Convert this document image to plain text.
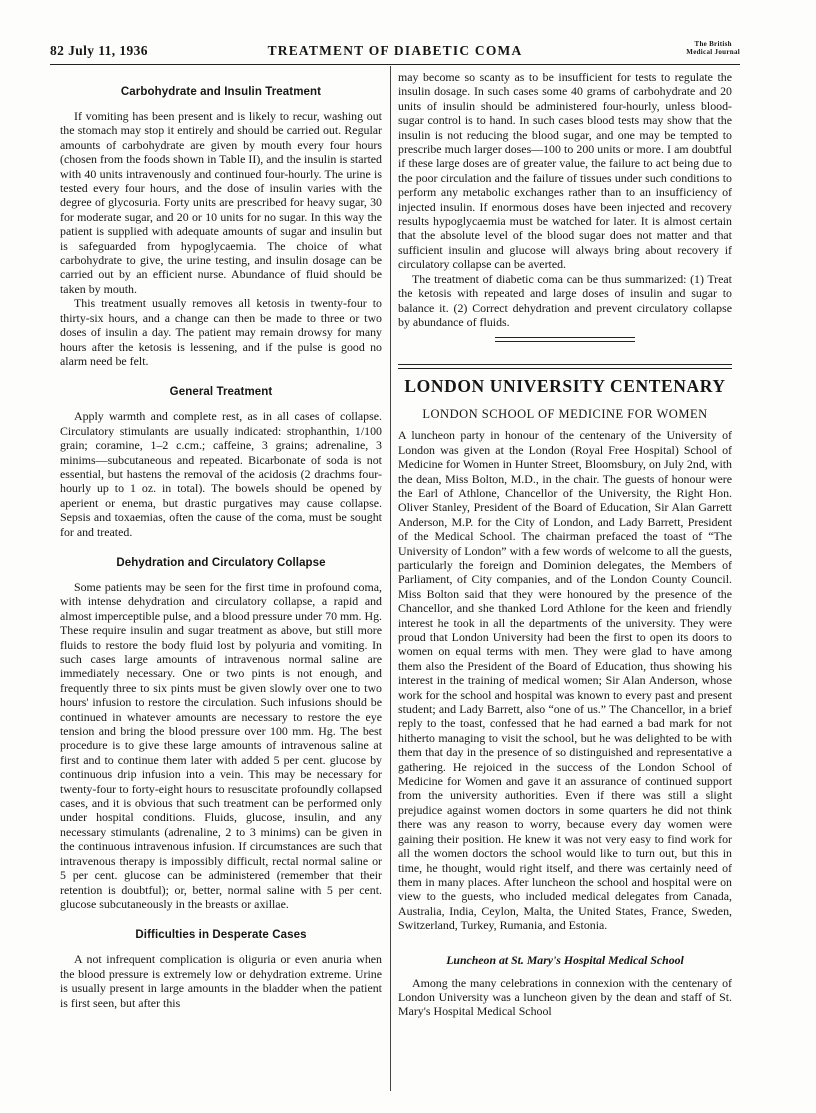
82 July 11, 1936	TREATMENT OF DIABETIC COMA	The British
Medical Journal
Carbohydrate and Insulin Treatment

If vomiting has been present and is likely to recur, washing out the stomach may stop it entirely and should be carried out. Regular amounts of carbohydrate are given by mouth every four hours (chosen from the foods shown in Table II), and the insulin is started with 40 units intravenously and continued four-hourly. The urine is tested every four hours, and the dose of insulin varies with the degree of glycosuria. Forty units are prescribed for heavy sugar, 30 for moderate sugar, and 20 or 10 units for no sugar. In this way the patient is supplied with adequate amounts of sugar and insulin but is safeguarded from hypoglycaemia. The choice of what carbohydrate to give, the urine testing, and insulin dosage can be carried out by an efficient nurse. Abundance of fluid should be taken by mouth.

This treatment usually removes all ketosis in twenty-four to thirty-six hours, and a change can then be made to three or two doses of insulin a day. The patient may remain drowsy for many hours after the ketosis is lessening, and if the pulse is good no alarm need be felt.

General Treatment

Apply warmth and complete rest, as in all cases of collapse. Circulatory stimulants are usually indicated: strophanthin, 1/100 grain; coramine, 1–2 c.cm.; caffeine, 3 grains; adrenaline, 3 minims—subcutaneous and repeated. Bicarbonate of soda is not essential, but hastens the removal of the acidosis (2 drachms four-hourly up to 1 oz. in total). The bowels should be opened by aperient or enema, but drastic purgatives may cause collapse. Sepsis and toxaemias, often the cause of the coma, must be sought for and treated.

Dehydration and Circulatory Collapse

Some patients may be seen for the first time in profound coma, with intense dehydration and circulatory collapse, a rapid and almost imperceptible pulse, and a blood pressure under 70 mm. Hg. These require insulin and sugar treatment as above, but still more fluids to restore the body fluid lost by polyuria and vomiting. In such cases large amounts of intravenous normal saline are immediately necessary. One or two pints is not enough, and frequently three to six pints must be given slowly over one to two hours' infusion to restore the circulation. Such infusions should be continued in whatever amounts are necessary to restore the eye tension and bring the blood pressure over 100 mm. Hg. The best procedure is to give these large amounts of intravenous saline at first and to continue them later with added 5 per cent. glucose by continuous drip infusion into a vein. This may be necessary for twenty-four to forty-eight hours to resuscitate profoundly collapsed cases, and it is obvious that such treatment can be performed only under hospital conditions. Fluids, glucose, insulin, and any necessary stimulants (adrenaline, 2 to 3 minims) can be given in the continuous intravenous infusion. If circumstances are such that intravenous therapy is impossibly difficult, rectal normal saline or 5 per cent. glucose can be administered (remember that their retention is doubtful); or, better, normal saline with 5 per cent. glucose subcutaneously in the breasts or axillae.

Difficulties in Desperate Cases

A not infrequent complication is oliguria or even anuria when the blood pressure is extremely low or dehydration extreme. Urine is usually present in large amounts in the bladder when the patient is first seen, but after this

may become so scanty as to be insufficient for tests to regulate the insulin dosage. In such cases some 40 grams of carbohydrate and 20 units of insulin should be administered four-hourly, unless blood-sugar control is to hand. In such cases blood tests may show that the insulin is not reducing the blood sugar, and one may be tempted to prescribe much larger doses—100 to 200 units or more. I am doubtful if these large doses are of greater value, the failure to act being due to the poor circulation and the failure of tissues under such conditions to perform any metabolic exchanges rather than to an insufficiency of injected insulin. If enormous doses have been injected and recovery results hypoglycaemia must be watched for later. It is almost certain that the absolute level of the blood sugar does not matter and that sufficient insulin and glucose will always bring about recovery if circulatory collapse can be averted.

The treatment of diabetic coma can be thus summarized: (1) Treat the ketosis with repeated and large doses of insulin and sugar to balance it. (2) Correct dehydration and prevent circulatory collapse by abundance of fluids.

LONDON UNIVERSITY CENTENARY
LONDON SCHOOL OF MEDICINE FOR WOMEN

A luncheon party in honour of the centenary of the University of London was given at the London (Royal Free Hospital) School of Medicine for Women in Hunter Street, Bloomsbury, on July 2nd, with the dean, Miss Bolton, M.D., in the chair. The guests of honour were the Earl of Athlone, Chancellor of the University, the Right Hon. Oliver Stanley, President of the Board of Education, Sir Alan Garrett Anderson, M.P. for the City of London, and Lady Barrett, President of the Medical School. The chairman prefaced the toast of “The University of London” with a few words of welcome to all the guests, particularly the foreign and Dominion delegates, the Members of Parliament, of City companies, and of the London County Council. Miss Bolton said that they were honoured by the presence of the Chancellor, and she thanked Lord Athlone for the keen and friendly interest he took in all the departments of the university. They were proud that London University had been the first to open its doors to women on equal terms with men. They were glad to have among them also the President of the Board of Education, thus showing his interest in the training of medical women; Sir Alan Anderson, whose work for the school and hospital was known to every past and present student; and Lady Barrett, also “one of us.” The Chancellor, in a brief reply to the toast, confessed that he had earned a bad mark for not hitherto managing to visit the school, but he was delighted to be with them that day in the presence of so distinguished and representative a gathering. He rejoiced in the success of the London School of Medicine for Women and gave it an assurance of continued support from the university authorities. Even if there was still a slight prejudice against women doctors in some quarters he did not think there was any reason to worry, because every day women were gaining their position. He knew it was not very easy to find work for all the women doctors the school would like to turn out, but this in time, he thought, would right itself, and there was certainly need of them in many places. After luncheon the school and hospital were on view to the guests, who included medical delegates from Canada, Australia, India, Ceylon, Malta, the United States, France, Sweden, Switzerland, Turkey, Rumania, and Estonia.

Luncheon at St. Mary's Hospital Medical School

Among the many celebrations in connexion with the centenary of London University was a luncheon given by the dean and staff of St. Mary's Hospital Medical School
